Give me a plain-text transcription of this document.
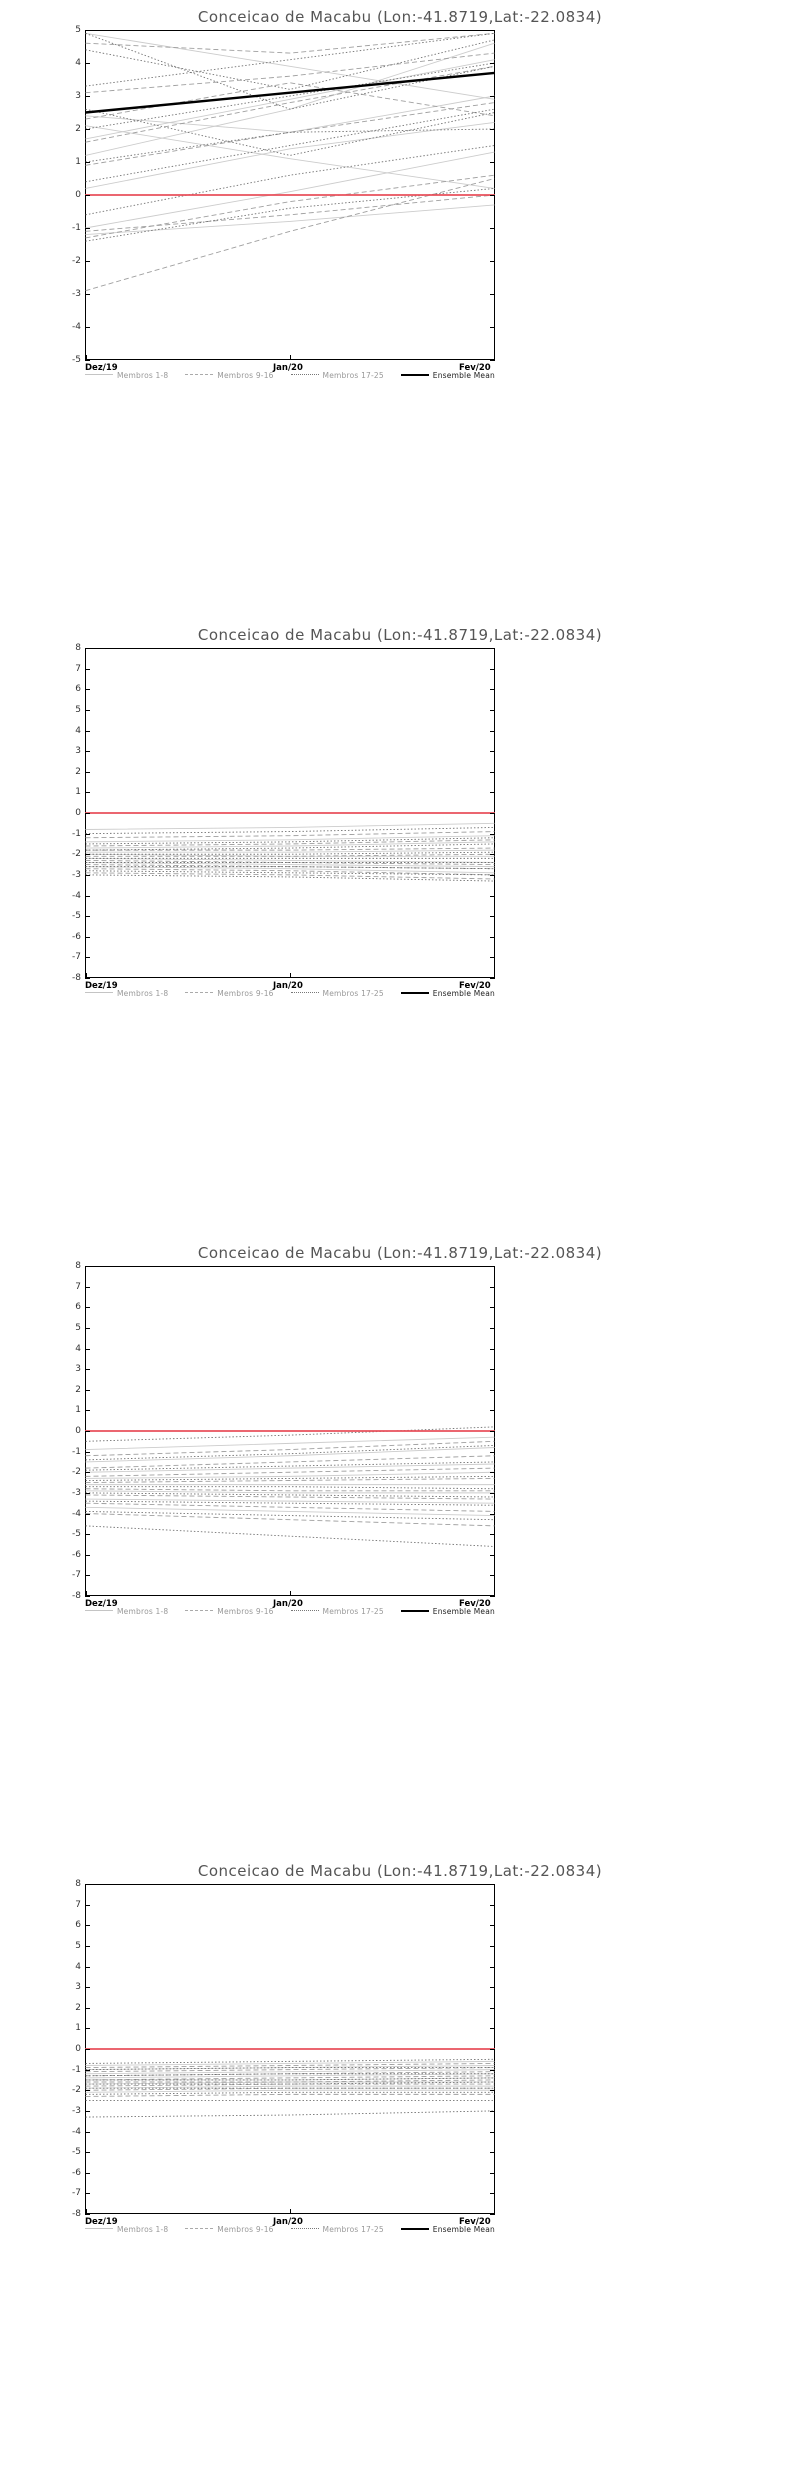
Conceicao de Macabu (Lon:-41.8719,Lat:-22.0834)
5
4
3
2
1
0
-1
-2
-3
-4
-5
Dez/19	Jan/20	Fev/20
Membros 1-8	Membros 9-16	Membros 17-25	Ensemble Mean
Conceicao de Macabu (Lon:-41.8719,Lat:-22.0834)
8
7
6
5
4
3
2
1
0
-1
-2
-3
-4
-5
-6
-7
-8
Dez/19	Jan/20	Fev/20
Membros 1-8	Membros 9-16	Membros 17-25	Ensemble Mean
Conceicao de Macabu (Lon:-41.8719,Lat:-22.0834)
8
7
6
5
4
3
2
1
0
-1
-2
-3
-4
-5
-6
-7
-8
Dez/19	Jan/20	Fev/20
Membros 1-8	Membros 9-16	Membros 17-25	Ensemble Mean
Conceicao de Macabu (Lon:-41.8719,Lat:-22.0834)
8
7
6
5
4
3
2
1
0
-1
-2
-3
-4
-5
-6
-7
-8
Dez/19	Jan/20	Fev/20
Membros 1-8	Membros 9-16	Membros 17-25	Ensemble Mean
